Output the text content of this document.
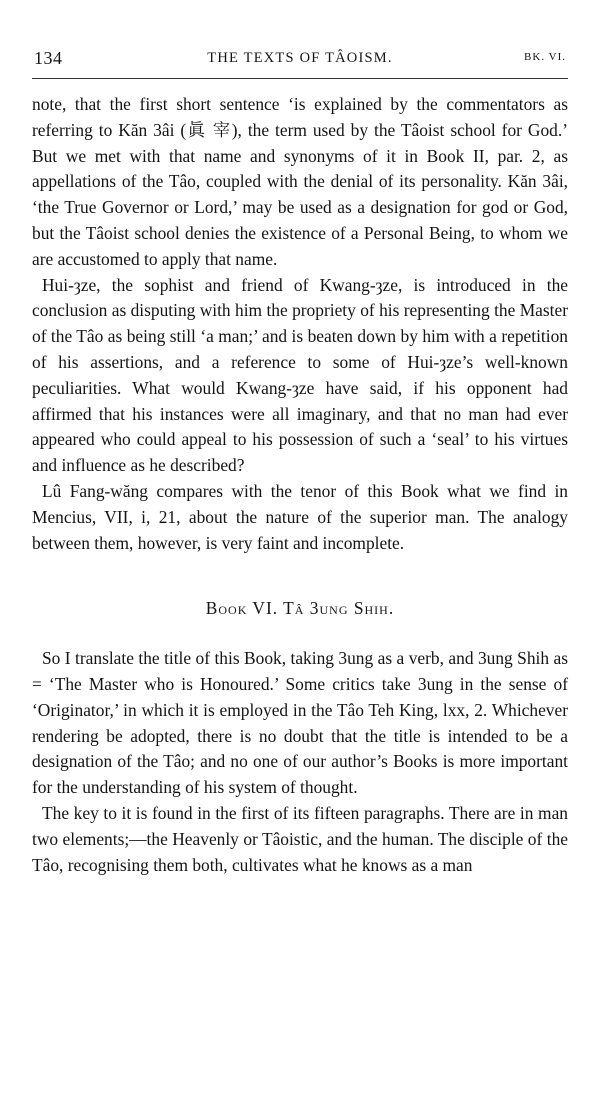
134	THE TEXTS OF TÂOISM.	BK. VI.

note, that the first short sentence ‘is explained by the commentators as referring to Kăn 3âi (眞 宰), the term used by the Tâoist school for God.’ But we met with that name and synonyms of it in Book II, par. 2, as appellations of the Tâo, coupled with the denial of its personality. Kăn 3âi, ‘the True Governor or Lord,’ may be used as a designation for god or God, but the Tâoist school denies the existence of a Personal Being, to whom we are accustomed to apply that name.

Hui-ȝze, the sophist and friend of Kwang-ȝze, is introduced in the conclusion as disputing with him the propriety of his representing the Master of the Tâo as being still ‘a man;’ and is beaten down by him with a repetition of his assertions, and a reference to some of Hui-ȝze’s well-known peculiarities. What would Kwang-ȝze have said, if his opponent had affirmed that his instances were all imaginary, and that no man had ever appeared who could appeal to his possession of such a ‘seal’ to his virtues and influence as he described?

Lû Fang-wăng compares with the tenor of this Book what we find in Mencius, VII, i, 21, about the nature of the superior man. The analogy between them, however, is very faint and incomplete.

Book VI. Tâ 3ung Shih.

So I translate the title of this Book, taking 3ung as a verb, and 3ung Shih as = ‘The Master who is Honoured.’ Some critics take 3ung in the sense of ‘Originator,’ in which it is employed in the Tâo Teh King, lxx, 2. Whichever rendering be adopted, there is no doubt that the title is intended to be a designation of the Tâo; and no one of our author’s Books is more important for the understanding of his system of thought.

The key to it is found in the first of its fifteen paragraphs. There are in man two elements;—the Heavenly or Tâoistic, and the human. The disciple of the Tâo, recognising them both, cultivates what he knows as a man
